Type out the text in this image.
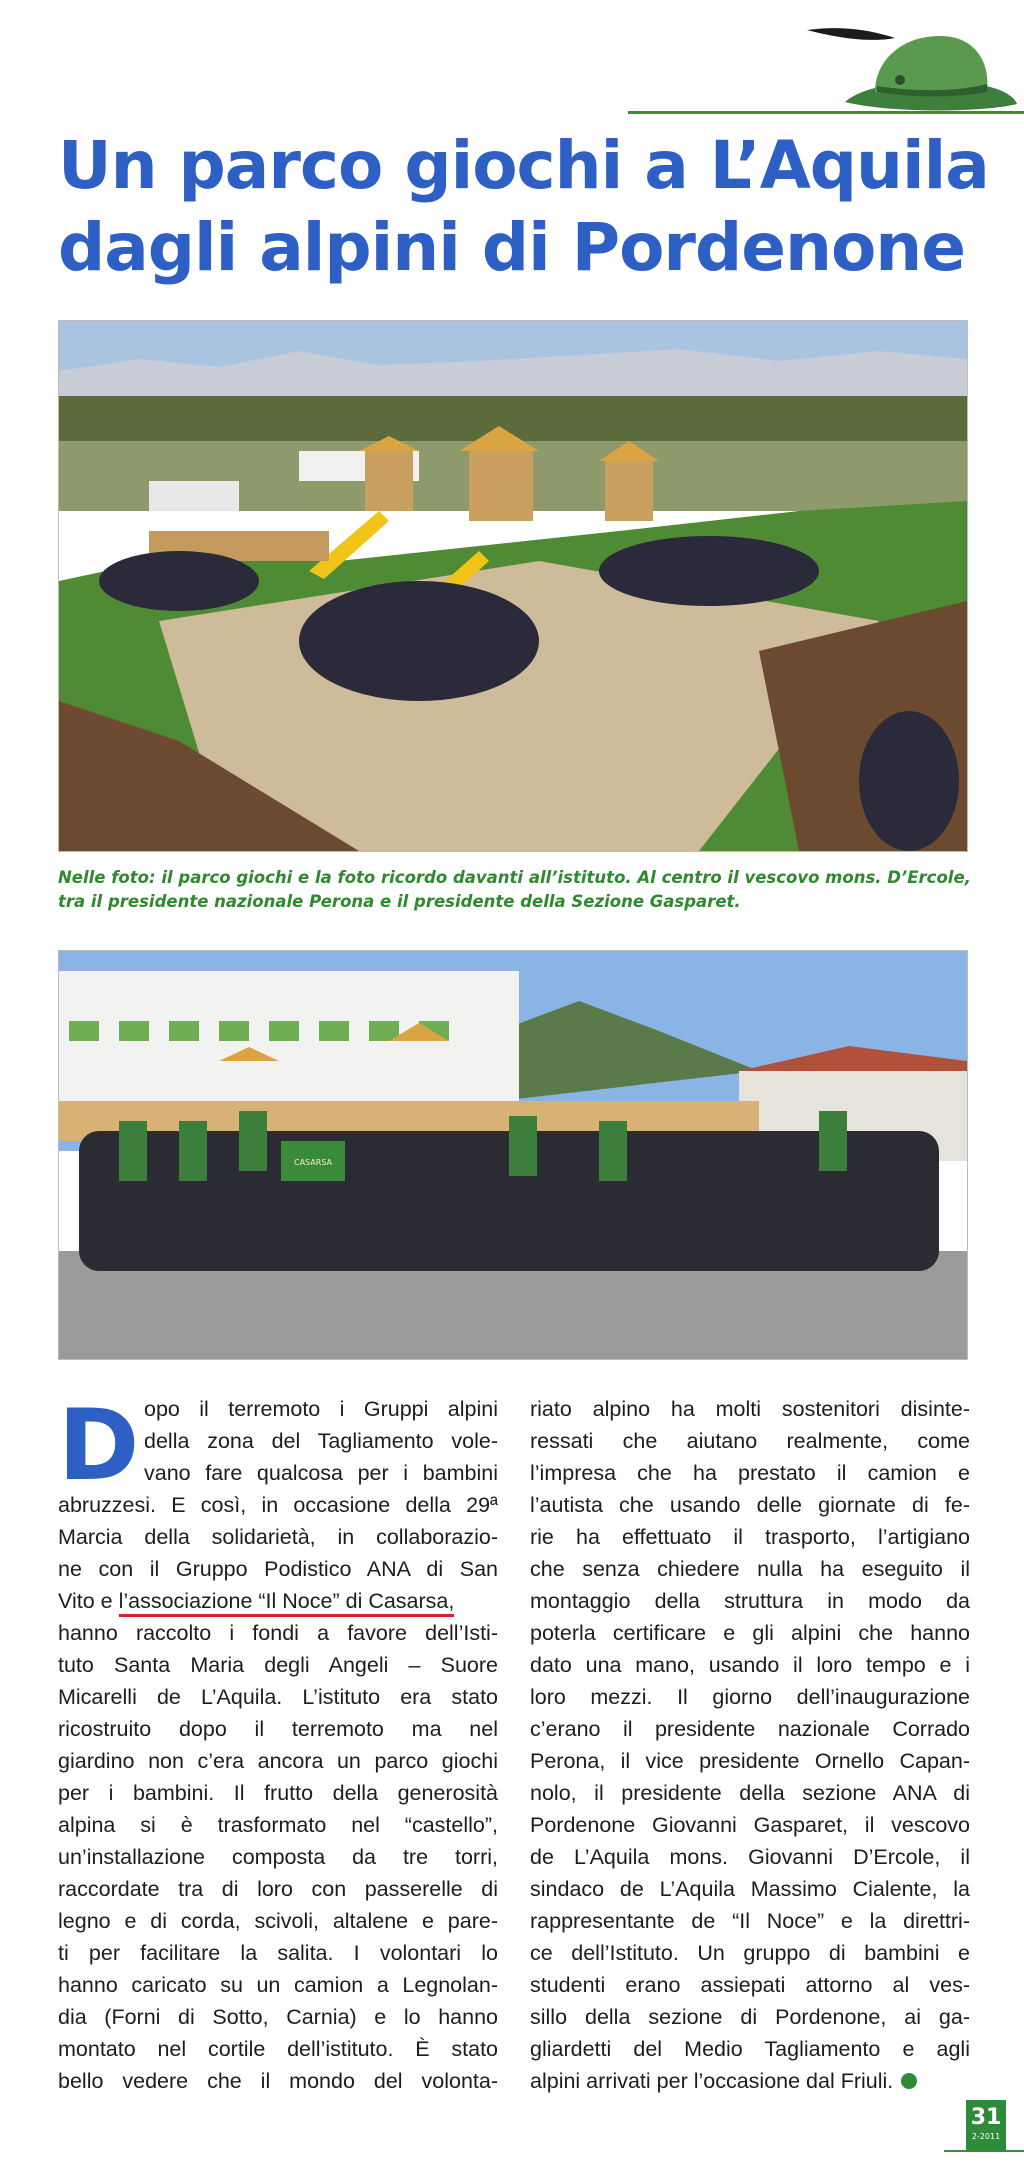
Un parco giochi a L’Aquila
dagli alpini di Pordenone

Nelle foto: il parco giochi e la foto ricordo davanti all’istituto. Al centro il vescovo mons. D’Ercole,
tra il presidente nazionale Perona e il presidente della Sezione Gasparet.

CASARSA
D opo il terremoto i Gruppi alpini
della zona del Tagliamento vole-
vano fare qualcosa per i bambini
abruzzesi. E così, in occasione della 29ª
Marcia della solidarietà, in collaborazio-
ne con il Gruppo Podistico ANA di San
Vito e l’associazione “Il Noce” di Casarsa,
hanno raccolto i fondi a favore dell’Isti-
tuto Santa Maria degli Angeli – Suore
Micarelli de L’Aquila. L’istituto era stato
ricostruito dopo il terremoto ma nel
giardino non c’era ancora un parco giochi
per i bambini. Il frutto della generosità
alpina si è trasformato nel “castello”,
un’installazione composta da tre torri,
raccordate tra di loro con passerelle di
legno e di corda, scivoli, altalene e pare-
ti per facilitare la salita. I volontari lo
hanno caricato su un camion a Legnolan-
dia (Forni di Sotto, Carnia) e lo hanno
montato nel cortile dell’istituto. È stato
bello vedere che il mondo del volonta-

riato alpino ha molti sostenitori disinte-
ressati che aiutano realmente, come
l’impresa che ha prestato il camion e
l’autista che usando delle giornate di fe-
rie ha effettuato il trasporto, l’artigiano
che senza chiedere nulla ha eseguito il
montaggio della struttura in modo da
poterla certificare e gli alpini che hanno
dato una mano, usando il loro tempo e i
loro mezzi. Il giorno dell’inaugurazione
c’erano il presidente nazionale Corrado
Perona, il vice presidente Ornello Capan-
nolo, il presidente della sezione ANA di
Pordenone Giovanni Gasparet, il vescovo
de L’Aquila mons. Giovanni D’Ercole, il
sindaco de L’Aquila Massimo Cialente, la
rappresentante de “Il Noce” e la direttri-
ce dell’Istituto. Un gruppo di bambini e
studenti erano assiepati attorno al ves-
sillo della sezione di Pordenone, ai ga-
gliardetti del Medio Tagliamento e agli
alpini arrivati per l’occasione dal Friuli.

31
2-2011
